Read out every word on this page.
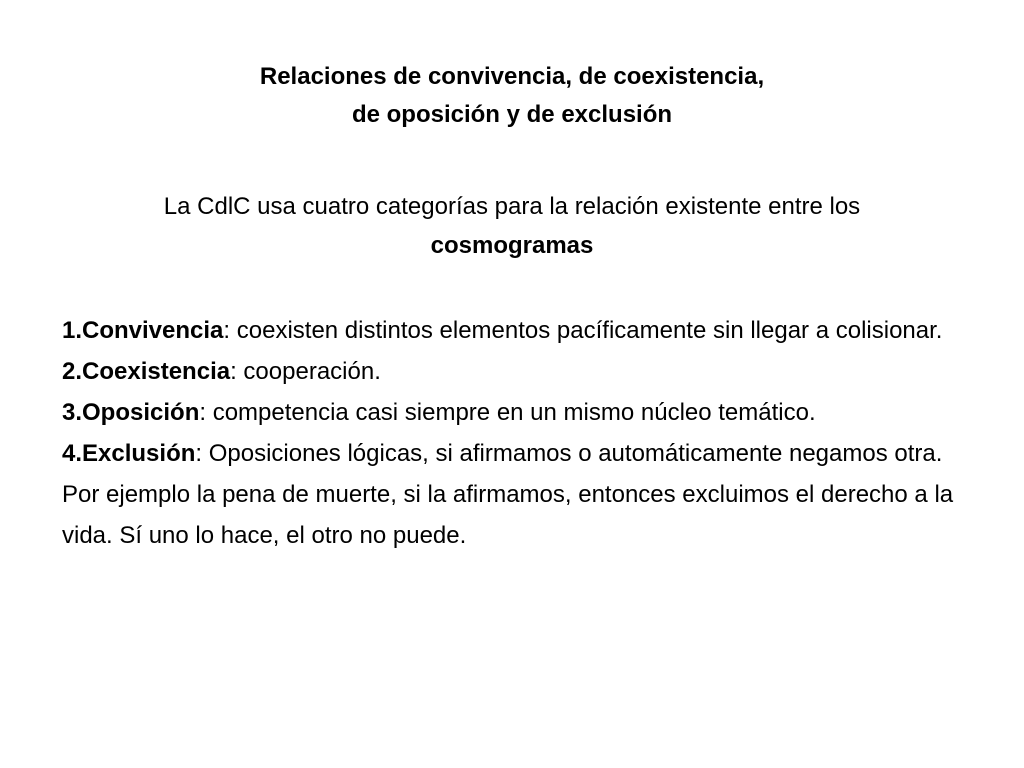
Relaciones de convivencia, de coexistencia,
de oposición y de exclusión
La CdlC usa cuatro categorías para la relación existente entre los
cosmogramas

1.Convivencia: coexisten distintos elementos pacíficamente sin llegar a colisionar.

2.Coexistencia: cooperación.

3.Oposición: competencia casi siempre en un mismo núcleo temático.

4.Exclusión: Oposiciones lógicas, si afirmamos o automáticamente negamos otra. Por ejemplo la pena de muerte, si la afirmamos, entonces excluimos el derecho a la vida. Sí uno lo hace, el otro no puede.
